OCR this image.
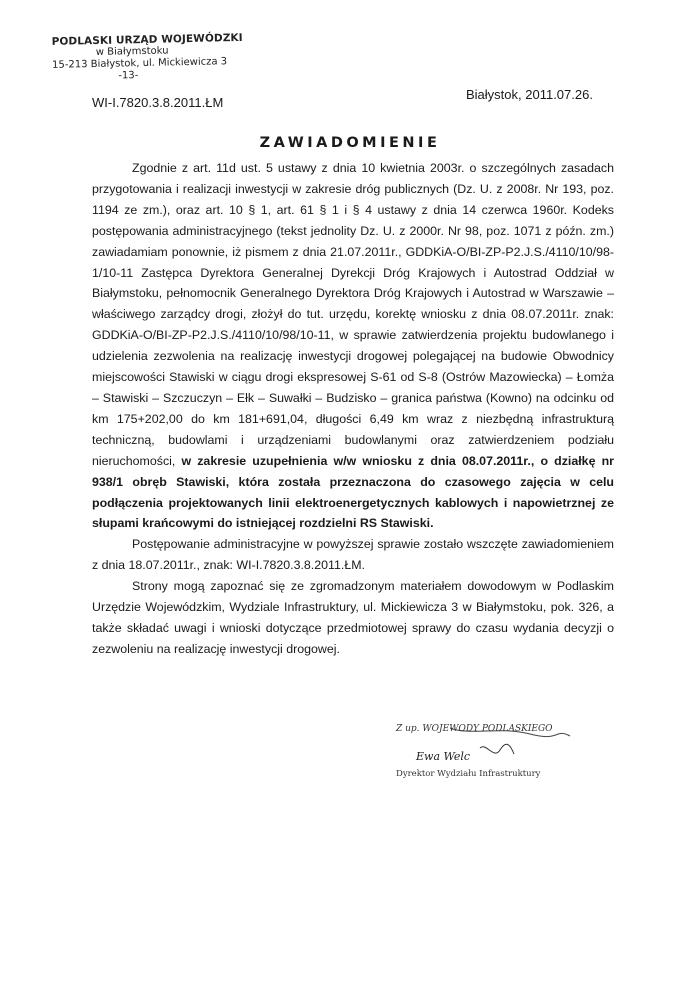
PODLASKI URZĄD WOJEWÓDZKI
w Białymstoku
15-213 Białystok, ul. Mickiewicza 3
-13-
Białystok, 2011.07.26.
WI-I.7820.3.8.2011.ŁM
ZAWIADOMIENIE

Zgodnie z art. 11d ust. 5 ustawy z dnia 10 kwietnia 2003r. o szczególnych zasadach przygotowania i realizacji inwestycji w zakresie dróg publicznych (Dz. U. z 2008r. Nr 193, poz. 1194 ze zm.), oraz art. 10 § 1, art. 61 § 1 i § 4 ustawy z dnia 14 czerwca 1960r. Kodeks postępowania administracyjnego (tekst jednolity Dz. U. z 2000r. Nr 98, poz. 1071 z późn. zm.) zawiadamiam ponownie, iż pismem z dnia 21.07.2011r., GDDKiA-O/BI-ZP-P2.J.S./4110/10/98-1/10-11 Zastępca Dyrektora Generalnej Dyrekcji Dróg Krajowych i Autostrad Oddział w Białymstoku, pełnomocnik Generalnego Dyrektora Dróg Krajowych i Autostrad w Warszawie – właściwego zarządcy drogi, złożył do tut. urzędu, korektę wniosku z dnia 08.07.2011r. znak: GDDKiA-O/BI-ZP-P2.J.S./4110/10/98/10-11, w sprawie zatwierdzenia projektu budowlanego i udzielenia zezwolenia na realizację inwestycji drogowej polegającej na budowie Obwodnicy miejscowości Stawiski w ciągu drogi ekspresowej S-61 od S-8 (Ostrów Mazowiecka) – Łomża – Stawiski – Szczuczyn – Ełk – Suwałki – Budzisko – granica państwa (Kowno) na odcinku od km 175+202,00 do km 181+691,04, długości 6,49 km wraz z niezbędną infrastrukturą techniczną, budowlami i urządzeniami budowlanymi oraz zatwierdzeniem podziału nieruchomości, w zakresie uzupełnienia w/w wniosku z dnia 08.07.2011r., o działkę nr 938/1 obręb Stawiski, która została przeznaczona do czasowego zajęcia w celu podłączenia projektowanych linii elektroenergetycznych kablowych i napowietrznej ze słupami krańcowymi do istniejącej rozdzielni RS Stawiski.

Postępowanie administracyjne w powyższej sprawie zostało wszczęte zawiadomieniem z dnia 18.07.2011r., znak: WI-I.7820.3.8.2011.ŁM.

Strony mogą zapoznać się ze zgromadzonym materiałem dowodowym w Podlaskim Urzędzie Wojewódzkim, Wydziale Infrastruktury, ul. Mickiewicza 3 w Białymstoku, pok. 326, a także składać uwagi i wnioski dotyczące przedmiotowej sprawy do czasu wydania decyzji o zezwoleniu na realizację inwestycji drogowej.

Z up. WOJEWODY PODLASKIEGO
Ewa Welc
Dyrektor Wydziału Infrastruktury
